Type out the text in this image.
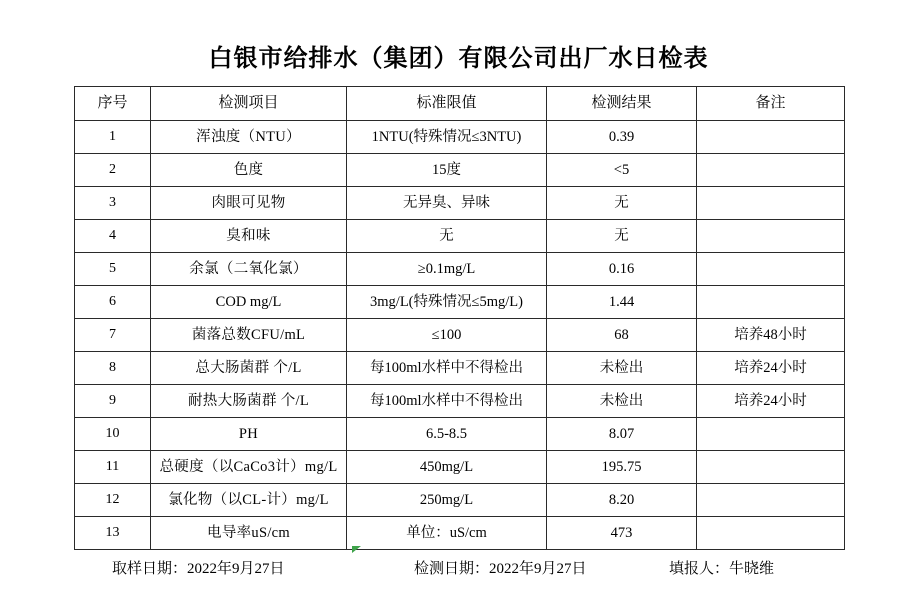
白银市给排水（集团）有限公司出厂水日检表
序号	检测项目	标准限值	检测结果	备注
1	浑浊度（NTU）	1NTU(特殊情况≤3NTU)	0.39	
2	色度	15度	<5	
3	肉眼可见物	无异臭、异味	无	
4	臭和味	无	无	
5	余氯（二氧化氯）	≥0.1mg/L	0.16	
6	COD mg/L	3mg/L(特殊情况≤5mg/L)	1.44	
7	菌落总数CFU/mL	≤100	68	培养48小时
8	总大肠菌群 个/L	每100ml水样中不得检出	未检出	培养24小时
9	耐热大肠菌群 个/L	每100ml水样中不得检出	未检出	培养24小时
10	PH	6.5-8.5	8.07	
11	总硬度（以CaCo3计）mg/L	450mg/L	195.75	
12	氯化物（以CL-计）mg/L	250mg/L	8.20	
13	电导率uS/cm	单位：uS/cm	473	
取样日期：2022年9月27日	检测日期：2022年9月27日	填报人：牛晓维
